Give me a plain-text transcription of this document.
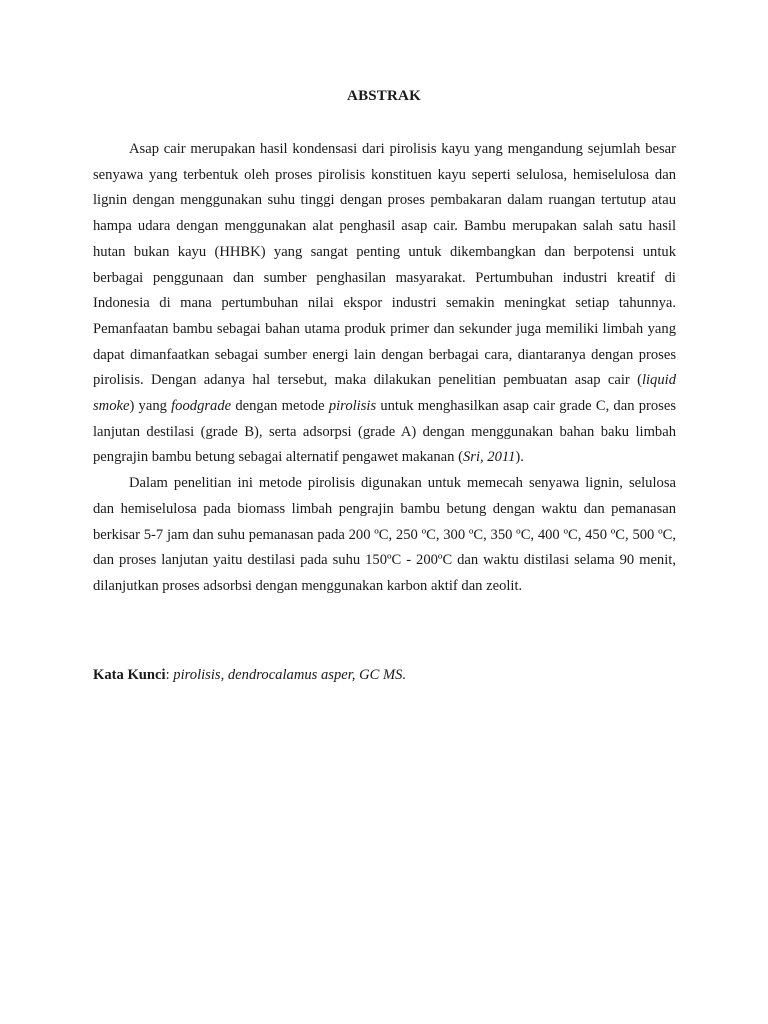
ABSTRAK

Asap cair merupakan hasil kondensasi dari pirolisis kayu yang mengandung sejumlah besar senyawa yang terbentuk oleh proses pirolisis konstituen kayu seperti selulosa, hemiselulosa dan lignin dengan menggunakan suhu tinggi dengan proses pembakaran dalam ruangan tertutup atau hampa udara dengan menggunakan alat penghasil asap cair. Bambu merupakan salah satu hasil hutan bukan kayu (HHBK) yang sangat penting untuk dikembangkan dan berpotensi untuk berbagai penggunaan dan sumber penghasilan masyarakat. Pertumbuhan industri kreatif di Indonesia di mana pertumbuhan nilai ekspor industri semakin meningkat setiap tahunnya. Pemanfaatan bambu sebagai bahan utama produk primer dan sekunder juga memiliki limbah yang dapat dimanfaatkan sebagai sumber energi lain dengan berbagai cara, diantaranya dengan proses pirolisis. Dengan adanya hal tersebut, maka dilakukan penelitian pembuatan asap cair (liquid smoke) yang foodgrade dengan metode pirolisis untuk menghasilkan asap cair grade C, dan proses lanjutan destilasi (grade B), serta adsorpsi (grade A) dengan menggunakan bahan baku limbah pengrajin bambu betung sebagai alternatif pengawet makanan (Sri, 2011).

Dalam penelitian ini metode pirolisis digunakan untuk memecah senyawa lignin, selulosa dan hemiselulosa pada biomass limbah pengrajin bambu betung dengan waktu dan pemanasan berkisar 5-7 jam dan suhu pemanasan pada 200 ºC, 250 ºC, 300 ºC, 350 ºC, 400 ºC, 450 ºC, 500 ºC, dan proses lanjutan yaitu destilasi pada suhu 150ºC - 200ºC dan waktu distilasi selama 90 menit, dilanjutkan proses adsorbsi dengan menggunakan karbon aktif dan zeolit.

Kata Kunci: pirolisis, dendrocalamus asper, GC MS.
